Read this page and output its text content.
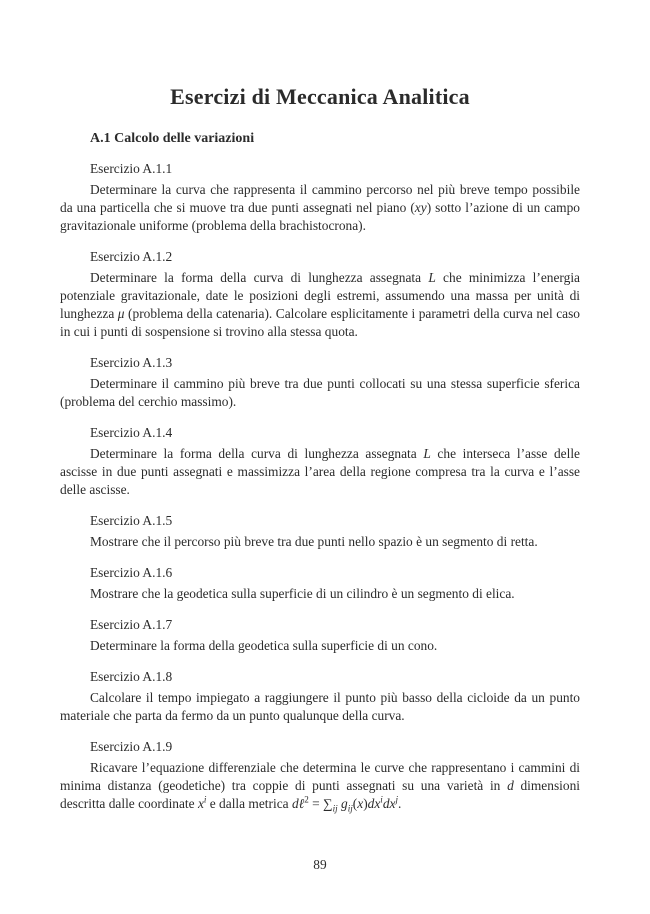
Esercizi di Meccanica Analitica
A.1 Calcolo delle variazioni

Esercizio A.1.1

Determinare la curva che rappresenta il cammino percorso nel più breve tempo possibile da una particella che si muove tra due punti assegnati nel piano (xy) sotto l’azione di un campo gravitazionale uniforme (problema della brachistocrona).

Esercizio A.1.2

Determinare la forma della curva di lunghezza assegnata L che minimizza l’energia potenziale gravitazionale, date le posizioni degli estremi, assumendo una massa per unità di lunghezza μ (problema della catenaria). Calcolare esplicitamente i parametri della curva nel caso in cui i punti di sospensione si trovino alla stessa quota.

Esercizio A.1.3

Determinare il cammino più breve tra due punti collocati su una stessa superficie sferica (problema del cerchio massimo).

Esercizio A.1.4

Determinare la forma della curva di lunghezza assegnata L che interseca l’asse delle ascisse in due punti assegnati e massimizza l’area della regione compresa tra la curva e l’asse delle ascisse.

Esercizio A.1.5

Mostrare che il percorso più breve tra due punti nello spazio è un segmento di retta.

Esercizio A.1.6

Mostrare che la geodetica sulla superficie di un cilindro è un segmento di elica.

Esercizio A.1.7

Determinare la forma della geodetica sulla superficie di un cono.

Esercizio A.1.8

Calcolare il tempo impiegato a raggiungere il punto più basso della cicloide da un punto materiale che parta da fermo da un punto qualunque della curva.

Esercizio A.1.9

Ricavare l’equazione differenziale che determina le curve che rappresentano i cammini di minima distanza (geodetiche) tra coppie di punti assegnati su una varietà in d dimensioni descritta dalle coordinate $x^i$ e dalla metrica dℓ$^2$ = $\sum_{ij}$ $g_{ij}(x)dx^idx^j$.

89
